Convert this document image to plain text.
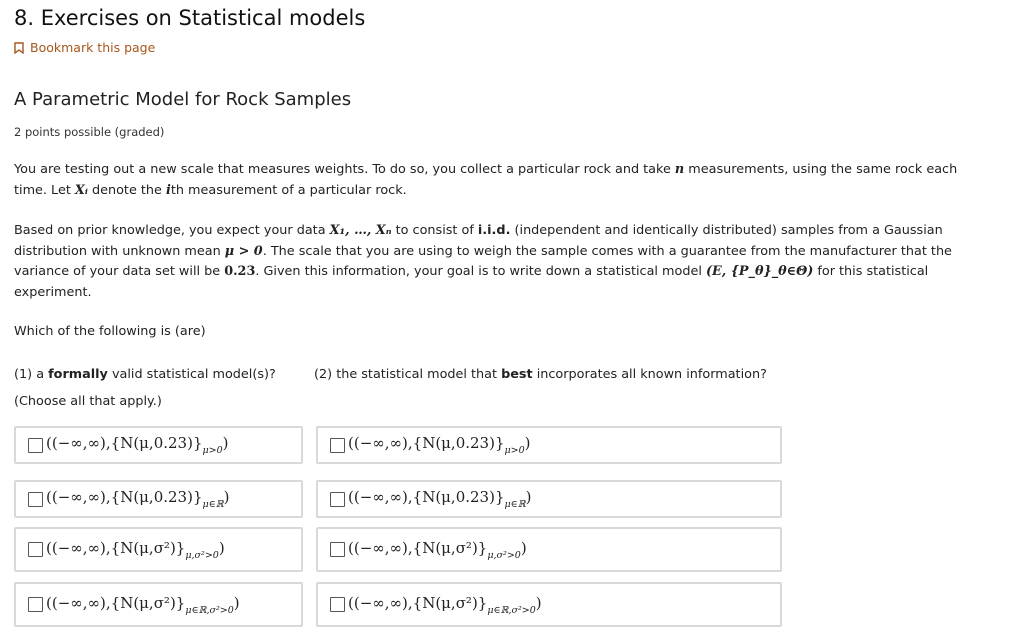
8. Exercises on Statistical models
Bookmark this page
A Parametric Model for Rock Samples
2 points possible (graded)

You are testing out a new scale that measures weights. To do so, you collect a particular rock and take n measurements, using the same rock each time. Let Xᵢ denote the ith measurement of a particular rock.

Based on prior knowledge, you expect your data X₁, …, Xₙ to consist of i.i.d. (independent and identically distributed) samples from a Gaussian distribution with unknown mean μ > 0. The scale that you are using to weigh the sample comes with a guarantee from the manufacturer that the variance of your data set will be 0.23. Given this information, your goal is to write down a statistical model (E, {P_θ}_θ∈Θ) for this statistical experiment.

Which of the following is (are)

(1) a formally valid statistical model(s)?

(Choose all that apply.)

(2) the statistical model that best incorporates all known information?

$((-\infty,\infty),\{N(\mu,0.23)\}_{\mu>0})$
$((-\infty,\infty),\{N(\mu,0.23)\}_{\mu\in ℝ})$
$((-\infty,\infty),\{N(\mu,\sigma^2)\}_{\mu,\sigma^2>0})$
$((-\infty,\infty),\{N(\mu,\sigma^2)\}_{\mu\in ℝ,\sigma^2>0})$
$((-\infty,\infty),\{N(\mu,0.23)\}_{\mu>0})$
$((-\infty,\infty),\{N(\mu,0.23)\}_{\mu\in ℝ})$
$((-\infty,\infty),\{N(\mu,\sigma^2)\}_{\mu,\sigma^2>0})$
$((-\infty,\infty),\{N(\mu,\sigma^2)\}_{\mu\in ℝ,\sigma^2>0})$
